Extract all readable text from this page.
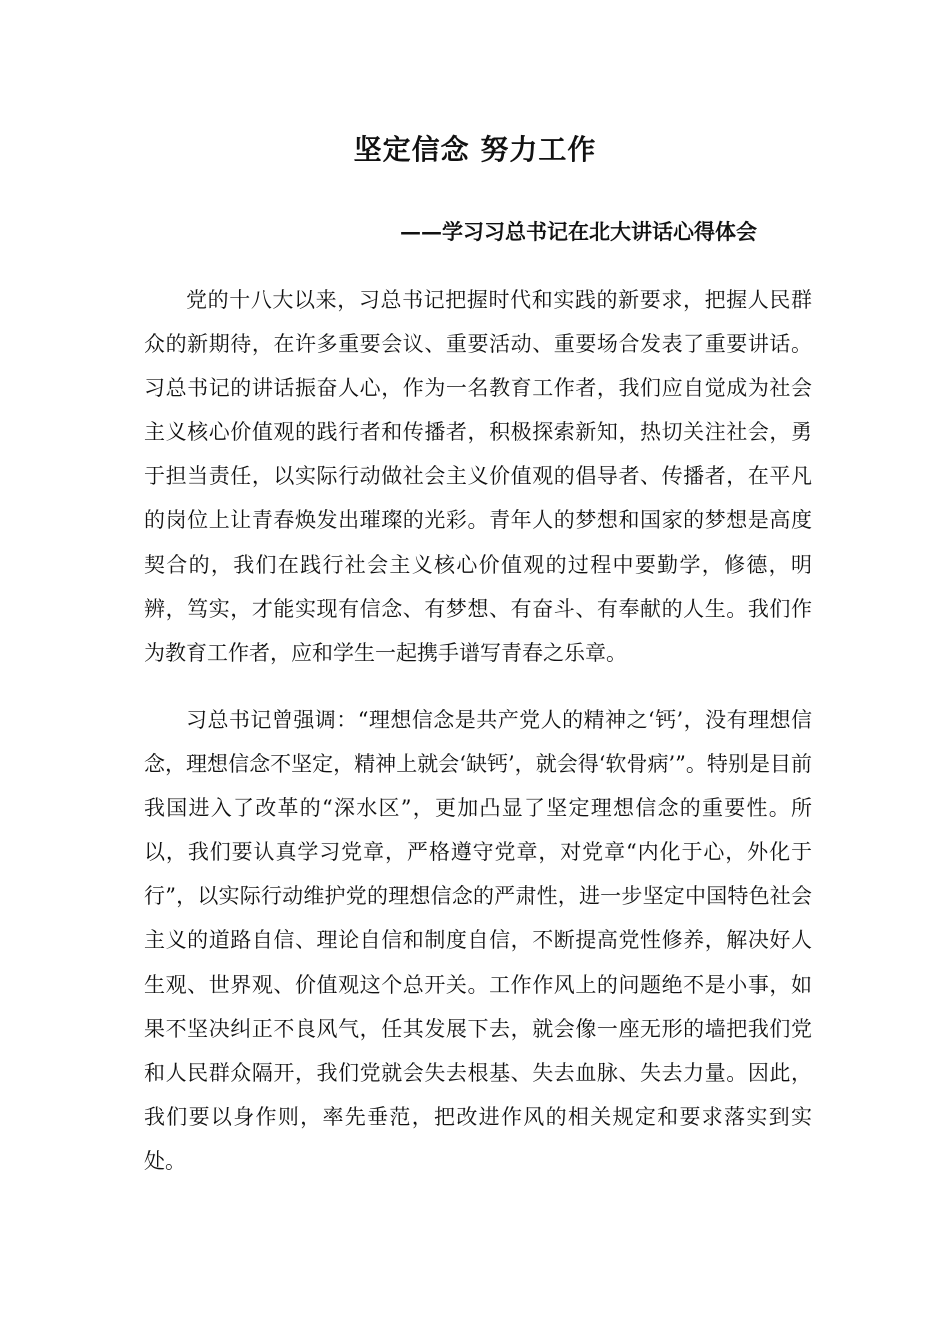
坚定信念 努力工作
——学习习总书记在北大讲话心得体会

党的十八大以来，习总书记把握时代和实践的新要求，把握人民群众的新期待，在许多重要会议、重要活动、重要场合发表了重要讲话。习总书记的讲话振奋人心，作为一名教育工作者，我们应自觉成为社会主义核心价值观的践行者和传播者，积极探索新知，热切关注社会，勇于担当责任，以实际行动做社会主义价值观的倡导者、传播者，在平凡的岗位上让青春焕发出璀璨的光彩。青年人的梦想和国家的梦想是高度契合的，我们在践行社会主义核心价值观的过程中要勤学，修德，明辨，笃实，才能实现有信念、有梦想、有奋斗、有奉献的人生。我们作为教育工作者，应和学生一起携手谱写青春之乐章。

习总书记曾强调：“理想信念是共产党人的精神之‘钙’，没有理想信念，理想信念不坚定，精神上就会‘缺钙’，就会得‘软骨病’”。特别是目前我国进入了改革的“深水区”，更加凸显了坚定理想信念的重要性。所以，我们要认真学习党章，严格遵守党章，对党章“内化于心，外化于行”，以实际行动维护党的理想信念的严肃性，进一步坚定中国特色社会主义的道路自信、理论自信和制度自信，不断提高党性修养，解决好人生观、世界观、价值观这个总开关。工作作风上的问题绝不是小事，如果不坚决纠正不良风气，任其发展下去，就会像一座无形的墙把我们党和人民群众隔开，我们党就会失去根基、失去血脉、失去力量。因此，我们要以身作则，率先垂范，把改进作风的相关规定和要求落实到实处。
